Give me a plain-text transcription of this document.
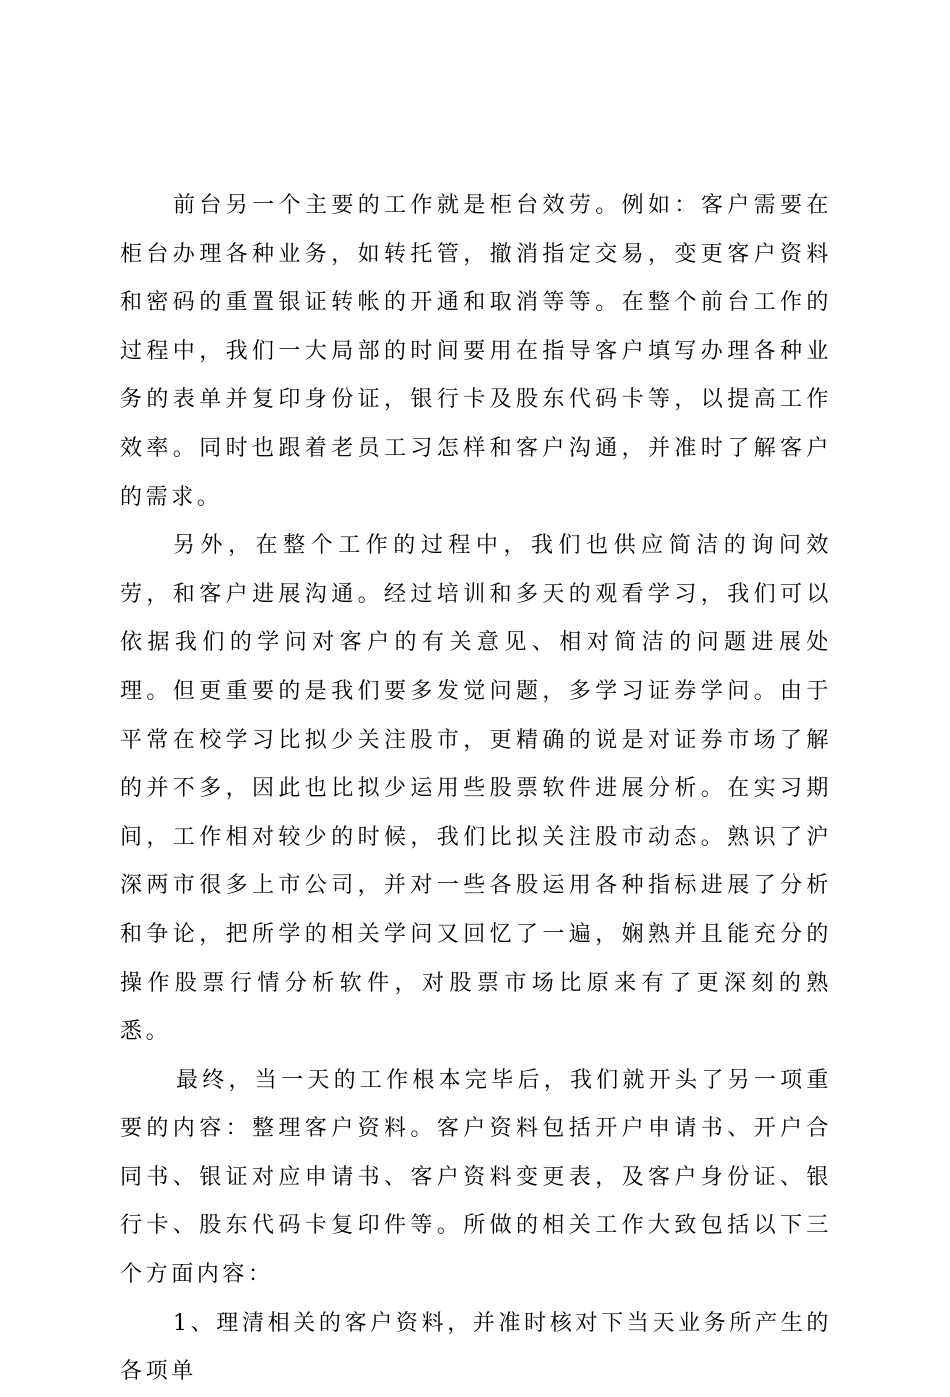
前台另一个主要的工作就是柜台效劳。例如：客户需要在柜台办理各种业务，如转托管，撤消指定交易，变更客户资料和密码的重置银证转帐的开通和取消等等。在整个前台工作的过程中，我们一大局部的时间要用在指导客户填写办理各种业务的表单并复印身份证，银行卡及股东代码卡等，以提高工作效率。同时也跟着老员工习怎样和客户沟通，并准时了解客户的需求。

另外，在整个工作的过程中，我们也供应简洁的询问效劳，和客户进展沟通。经过培训和多天的观看学习，我们可以依据我们的学问对客户的有关意见、相对简洁的问题进展处理。但更重要的是我们要多发觉问题，多学习证券学问。由于平常在校学习比拟少关注股市，更精确的说是对证券市场了解的并不多，因此也比拟少运用些股票软件进展分析。在实习期间，工作相对较少的时候，我们比拟关注股市动态。熟识了沪深两市很多上市公司，并对一些各股运用各种指标进展了分析和争论，把所学的相关学问又回忆了一遍，娴熟并且能充分的操作股票行情分析软件，对股票市场比原来有了更深刻的熟悉。

最终，当一天的工作根本完毕后，我们就开头了另一项重要的内容：整理客户资料。客户资料包括开户申请书、开户合同书、银证对应申请书、客户资料变更表，及客户身份证、银行卡、股东代码卡复印件等。所做的相关工作大致包括以下三个方面内容：

1、理清相关的客户资料，并准时核对下当天业务所产生的各项单
